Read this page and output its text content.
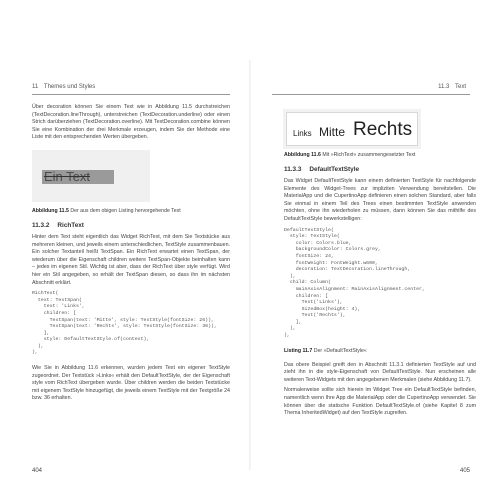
11 Themes und Styles

Über decoration können Sie einem Text wie in Abbildung 11.5 durchstreichen (TextDecoration.lineThrough), unterstreichen (TextDecoration.underline) oder einen Strich darüberziehen (TextDecoration.overline). Mit TextDecoration.combine können Sie eine Kombination der drei Merkmale erzeugen, indem Sie der Methode eine Liste mit den entsprechenden Werten übergeben.

Ein Text
Abbildung 11.5 Der aus dem obigen Listing hervorgehende Text
11.3.2 RichText

Hinter dem Text steht eigentlich das Widget RichText, mit dem Sie Textstücke aus mehreren kleinen, und jeweils einem unterschiedlichen, TextStyle zusammenbauen. Ein solcher Textanteil heißt TextSpan. Ein RichText erwartet einen TextSpan, der wiederum über die Eigenschaft children weitere TextSpan-Objekte beinhalten kann – jedes im eigenen Stil. Wichtig ist aber, dass der RichText über style verfügt. Wird hier ein Stil angegeben, so erhält der TextSpan diesen, so dass ihn im nächsten Abschnitt erklärt.

RichText(
text: TextSpan(
text: 'Links',
children: [
TextSpan(text: 'Mitte', style: TextStyle(fontSize: 26)),
TextSpan(text: 'Rechts', style: TextStyle(fontSize: 36)),
],
style: DefaultTextStyle.of(context),
),
),

Wie Sie in Abbildung 11.6 erkennen, wurden jedem Text ein eigener TextStyle zugeordnet. Der Textstück »Links« erhält den DefaultTextStyle, der der Eigenschaft style vom RichText übergeben wurde. Über children werden die beiden Textstücke mit eigenem TextStyle hinzugefügt, die jeweils einem TextStyle mit der Textgröße 24 bzw. 36 erhalten.

404
11.3 Text
Links Mitte Rechts
Abbildung 11.6 Mit »RichText« zusammengesetzter Text
11.3.3 DefaultTextStyle

Das Widget DefaultTextStyle kann einem definierten TextStyle für nachfolgende Elemente des Widget-Trees zur impliziten Verwendung bereitstellen. Die MaterialApp und die CupertinoApp definieren einen solchen Standard, aber falls Sie einmal in einem Teil des Trees einen bestimmten TextStyle anwenden möchten, ohne ihn wiederholen zu müssen, dann können Sie das mithilfe des DefaultTextStyle bewerkstelligen:

DefaultTextStyle(
style: TextStyle(
color: Colors.blue,
backgroundColor: Colors.grey,
fontSize: 24,
fontWeight: FontWeight.w600,
decoration: TextDecoration.lineThrough,
),
child: Column(
mainAxisAlignment: MainAxisAlignment.center,
children: [
Text('Links'),
SizedBox(height: 4),
Text('Rechts'),
],
),
),
Listing 11.7 Der »DefaultTextStyle«

Das obere Beispiel greift den in Abschnitt 11.3.1 definierten TextStyle auf und zieht ihn in die style-Eigenschaft von DefaultTextStyle. Nun erscheinen alle weiteren Text-Widgets mit den angegebenen Merkmalen (siehe Abbildung 11.7).

Normalerweise sollte sich hierein im Widget Tree ein DefaultTextStyle befinden, namentlich wenn Ihre App die MaterialApp oder die CupertinoApp verwendet. Sie können über die statische Funktion DefaultTextStyle.of (siehe Kapitel 8 zum Thema InheritedWidget) auf den TextStyle zugreifen.

405
